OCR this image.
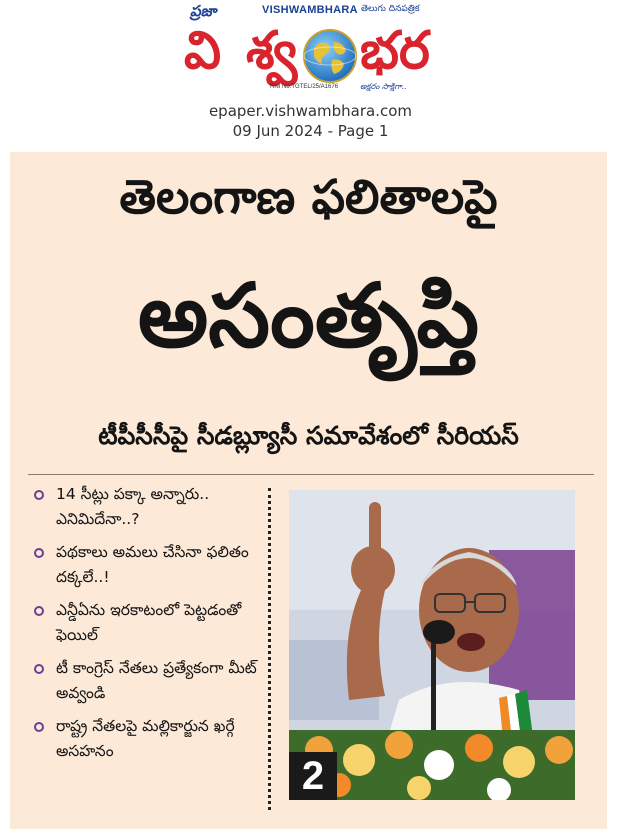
ప్రజా	VISHWAMBHARA తెలుగు దినపత్రిక
వి శ్వ భర
RNI No:TGTEL/25/A1676	అక్షరం సాక్షిగా..
epaper.vishwambhara.com
09 Jun 2024 - Page 1
తెలంగాణ ఫలితాలపై
అసంతృప్తి
టీపీసీసీపై సీడబ్ల్యూసీ సమావేశంలో సీరియస్
14 సీట్లు పక్కా అన్నారు.. ఎనిమిదేనా..?
పథకాలు అమలు చేసినా ఫలితం దక్కలే..!
ఎన్డీఏను ఇరకాటంలో పెట్టడంతో ఫెయిల్
టీ కాంగ్రెస్ నేతలు ప్రత్యేకంగా మీట్ అవ్వండి
రాష్ట్ర నేతలపై మల్లికార్జున ఖర్గే అసహనం
2
